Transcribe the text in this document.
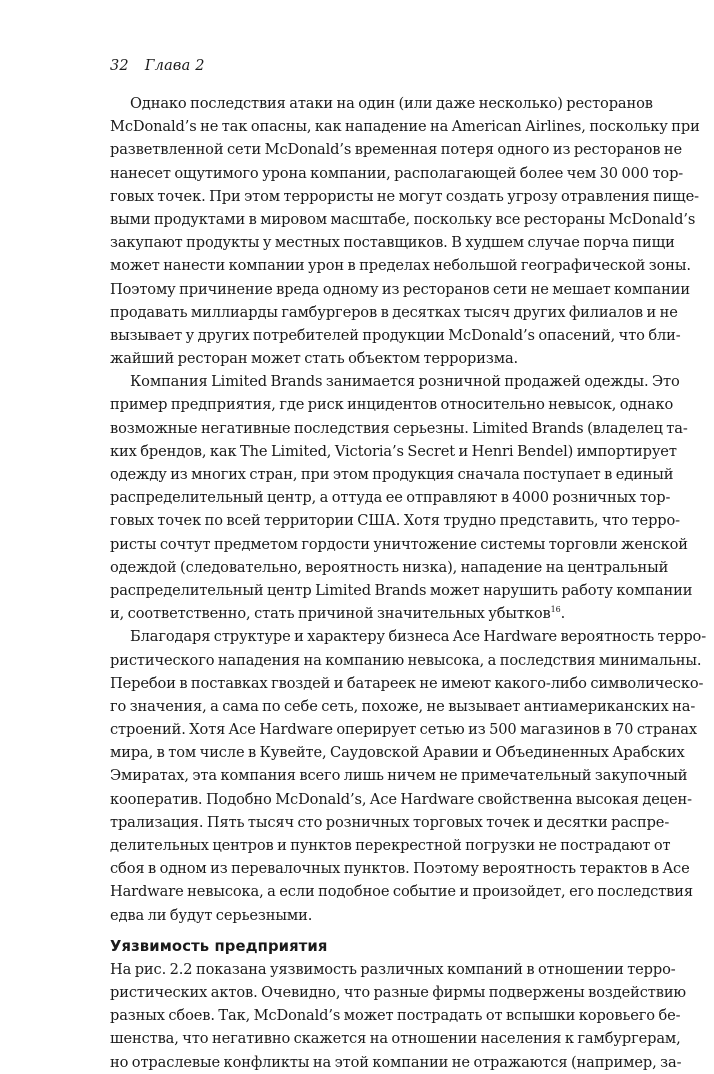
32 Глава 2
Однако последствия атаки на один (или даже несколько) ресторанов
McDonald’s не так опасны, как нападение на American Airlines, поскольку при
разветвленной сети McDonald’s временная потеря одного из ресторанов не
нанесет ощутимого урона компании, располагающей более чем 30 000 тор-
говых точек. При этом террористы не могут создать угрозу отравления пище-
выми продуктами в мировом масштабе, поскольку все рестораны McDonald’s
закупают продукты у местных поставщиков. В худшем случае порча пищи
может нанести компании урон в пределах небольшой географической зоны.
Поэтому причинение вреда одному из ресторанов сети не мешает компании
продавать миллиарды гамбургеров в десятках тысяч других филиалов и не
вызывает у других потребителей продукции McDonald’s опасений, что бли-
жайший ресторан может стать объектом терроризма.
Компания Limited Brands занимается розничной продажей одежды. Это
пример предприятия, где риск инцидентов относительно невысок, однако
возможные негативные последствия серьезны. Limited Brands (владелец та-
ких брендов, как The Limited, Victoria’s Secret и Henri Bendel) импортирует
одежду из многих стран, при этом продукция сначала поступает в единый
распределительный центр, а оттуда ее отправляют в 4000 розничных тор-
говых точек по всей территории США. Хотя трудно представить, что терро-
ристы сочтут предметом гордости уничтожение системы торговли женской
одеждой (следовательно, вероятность низка), нападение на центральный
распределительный центр Limited Brands может нарушить работу компании
и, соответственно, стать причиной значительных убытков$^{16}$.
Благодаря структуре и характеру бизнеса Ace Hardware вероятность терро-
ристического нападения на компанию невысока, а последствия минимальны.
Перебои в поставках гвоздей и батареек не имеют какого-либо символическо-
го значения, а сама по себе сеть, похоже, не вызывает антиамериканских на-
строений. Хотя Ace Hardware оперирует сетью из 500 магазинов в 70 странах
мира, в том числе в Кувейте, Саудовской Аравии и Объединенных Арабских
Эмиратах, эта компания всего лишь ничем не примечательный закупочный
кооператив. Подобно McDonald’s, Ace Hardware свойственна высокая децен-
трализация. Пять тысяч сто розничных торговых точек и десятки распре-
делительных центров и пунктов перекрестной погрузки не пострадают от
сбоя в одном из перевалочных пунктов. Поэтому вероятность терактов в Ace
Hardware невысока, а если подобное событие и произойдет, его последствия
едва ли будут серьезными.
Уязвимость предприятия
На рис. 2.2 показана уязвимость различных компаний в отношении терро-
ристических актов. Очевидно, что разные фирмы подвержены воздействию
разных сбоев. Так, McDonald’s может пострадать от вспышки коровьего бе-
шенства, что негативно скажется на отношении населения к гамбургерам,
но отраслевые конфликты на этой компании не отражаются (например, за-
